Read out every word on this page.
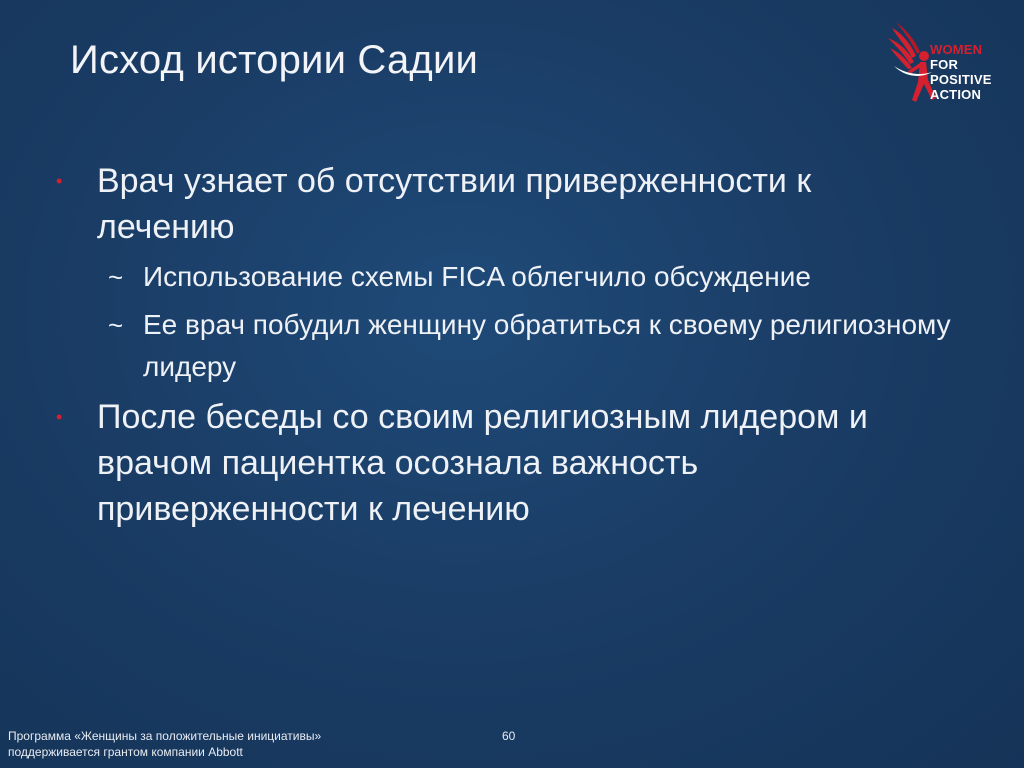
Исход истории Садии	WOMEN
FOR
POSITIVE
ACTION
• Врач узнает об отсутствии приверженности к лечению
~ Использование схемы FICA облегчило обсуждение
~ Ее врач побудил женщину обратиться к своему религиозному лидеру
• После беседы со своим религиозным лидером и врачом пациентка осознала важность приверженности к лечению
Программа «Женщины за положительные инициативы»
поддерживается грантом компании Abbott
60
